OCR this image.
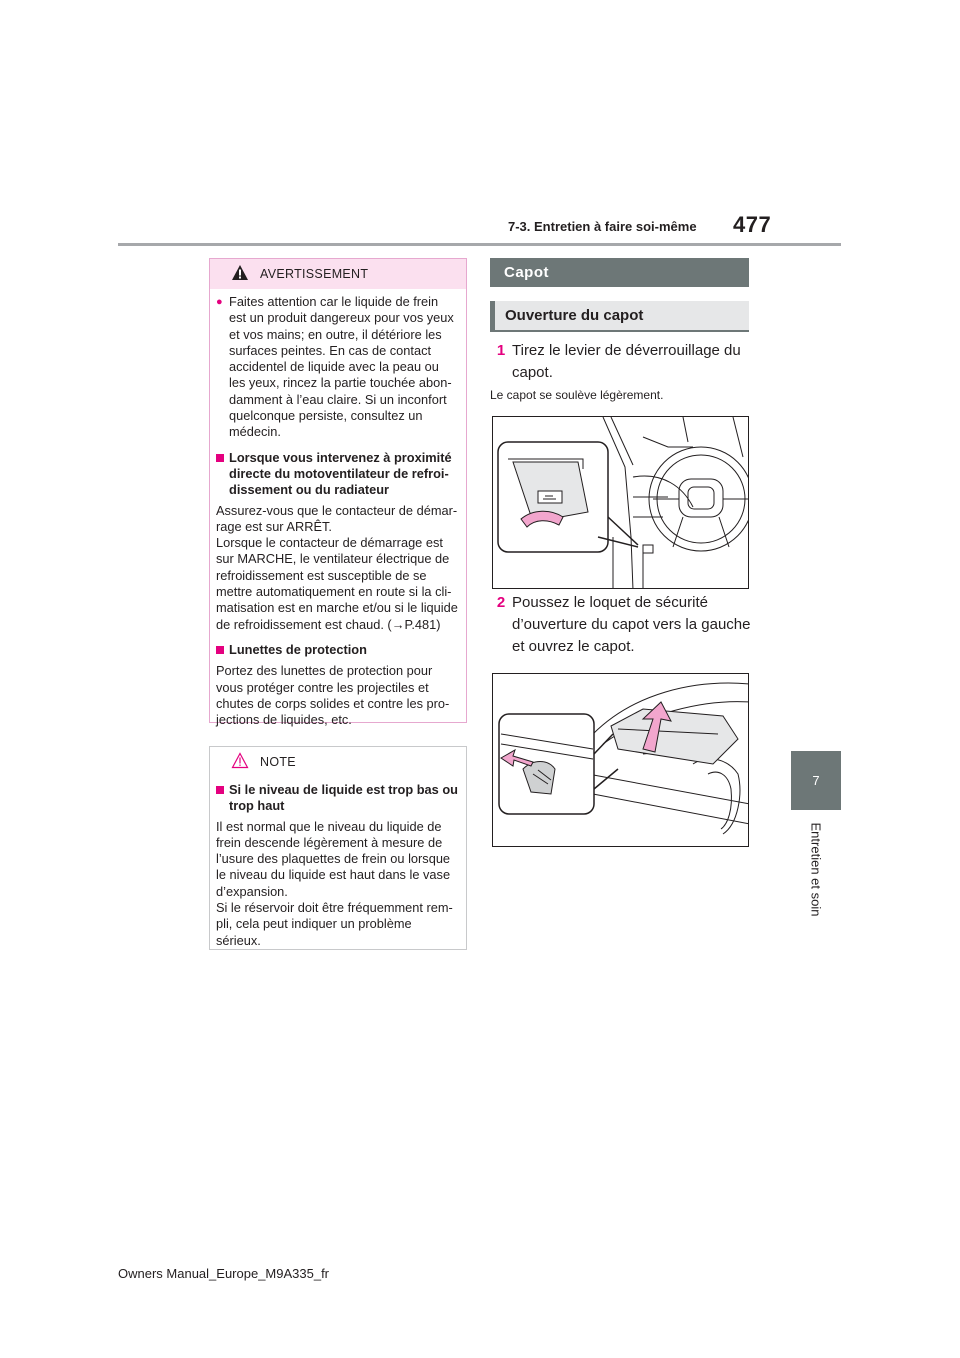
7-3. Entretien à faire soi-même 477
7
Entretien et soin
AVERTISSEMENT
● Faites attention car le liquide de frein est un produit dangereux pour vos yeux et vos mains; en outre, il détériore les surfaces peintes. En cas de contact accidentel de liquide avec la peau ou les yeux, rincez la partie touchée abon-damment à l’eau claire. Si un inconfort quelconque persiste, consultez un médecin.
Lorsque vous intervenez à proximité directe du motoventilateur de refroi-dissement ou du radiateur
Assurez-vous que le contacteur de démar-rage est sur ARRÊT.
Lorsque le contacteur de démarrage est sur MARCHE, le ventilateur électrique de refroidissement est susceptible de se mettre automatiquement en route si la cli-matisation est en marche et/ou si le liquide de refroidissement est chaud. (→P.481)
Lunettes de protection
Portez des lunettes de protection pour vous protéger contre les projectiles et chutes de corps solides et contre les pro-jections de liquides, etc.
NOTE
Si le niveau de liquide est trop bas ou trop haut
Il est normal que le niveau du liquide de frein descende légèrement à mesure de l’usure des plaquettes de frein ou lorsque le niveau du liquide est haut dans le vase d’expansion.
Si le réservoir doit être fréquemment rem-pli, cela peut indiquer un problème sérieux.
Capot
Ouverture du capot
1 Tirez le levier de déverrouillage du capot.
Le capot se soulève légèrement.
2 Poussez le loquet de sécurité d’ouverture du capot vers la gauche et ouvrez le capot.
Owners Manual_Europe_M9A335_fr
